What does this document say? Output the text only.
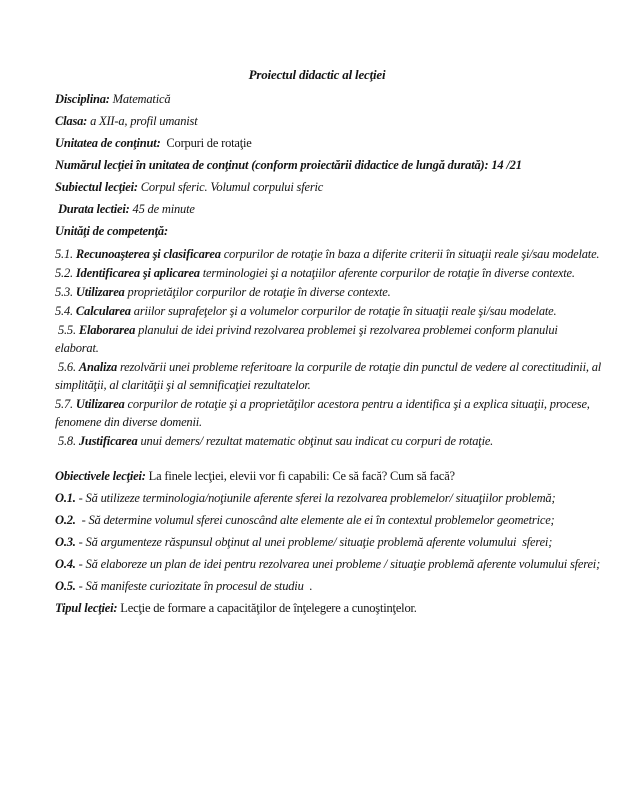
Proiectul didactic al lecţiei

Disciplina: Matematică

Clasa: a XII-a, profil umanist

Unitatea de conţinut:  Corpuri de rotaţie

Numărul lecţiei în unitatea de conţinut (conform proiectării didactice de lungă durată): 14 /21

Subiectul lecţiei: Corpul sferic. Volumul corpului sferic

Durata lectiei: 45 de minute

Unităţi de competenţă:

5.1. Recunoaşterea şi clasificarea corpurilor de rotaţie în baza a diferite criterii în situaţii reale şi/sau modelate.

5.2. Identificarea şi aplicarea terminologiei şi a notaţiilor aferente corpurilor de rotaţie în diverse contexte.

5.3. Utilizarea proprietăţilor corpurilor de rotaţie în diverse contexte.

5.4. Calcularea ariilor suprafeţelor şi a volumelor corpurilor de rotaţie în situaţii reale şi/sau modelate.

5.5. Elaborarea planului de idei privind rezolvarea problemei şi rezolvarea problemei conform planului elaborat.

5.6. Analiza rezolvării unei probleme referitoare la corpurile de rotaţie din punctul de vedere al corectitudinii, al simplităţii, al clarităţii şi al semnificaţiei rezultatelor.

5.7. Utilizarea corpurilor de rotaţie şi a proprietăţilor acestora pentru a identifica şi a explica situaţii, procese, fenomene din diverse domenii.

5.8. Justificarea unui demers/ rezultat matematic obţinut sau indicat cu corpuri de rotaţie.

Obiectivele lecţiei: La finele lecţiei, elevii vor fi capabili: Ce să facă? Cum să facă?

O.1. - Să utilizeze terminologia/noţiunile aferente sferei la rezolvarea problemelor/ situaţiilor problemă;

O.2.  - Să determine volumul sferei cunoscând alte elemente ale ei în contextul problemelor geometrice;

O.3. - Să argumenteze răspunsul obţinut al unei probleme/ situaţie problemă aferente volumului  sferei;

O.4. - Să elaboreze un plan de idei pentru rezolvarea unei probleme / situaţie problemă aferente volumului sferei;

O.5. - Să manifeste curiozitate în procesul de studiu  .

Tipul lecţiei: Lecţie de formare a capacităţilor de înţelegere a cunoştinţelor.
